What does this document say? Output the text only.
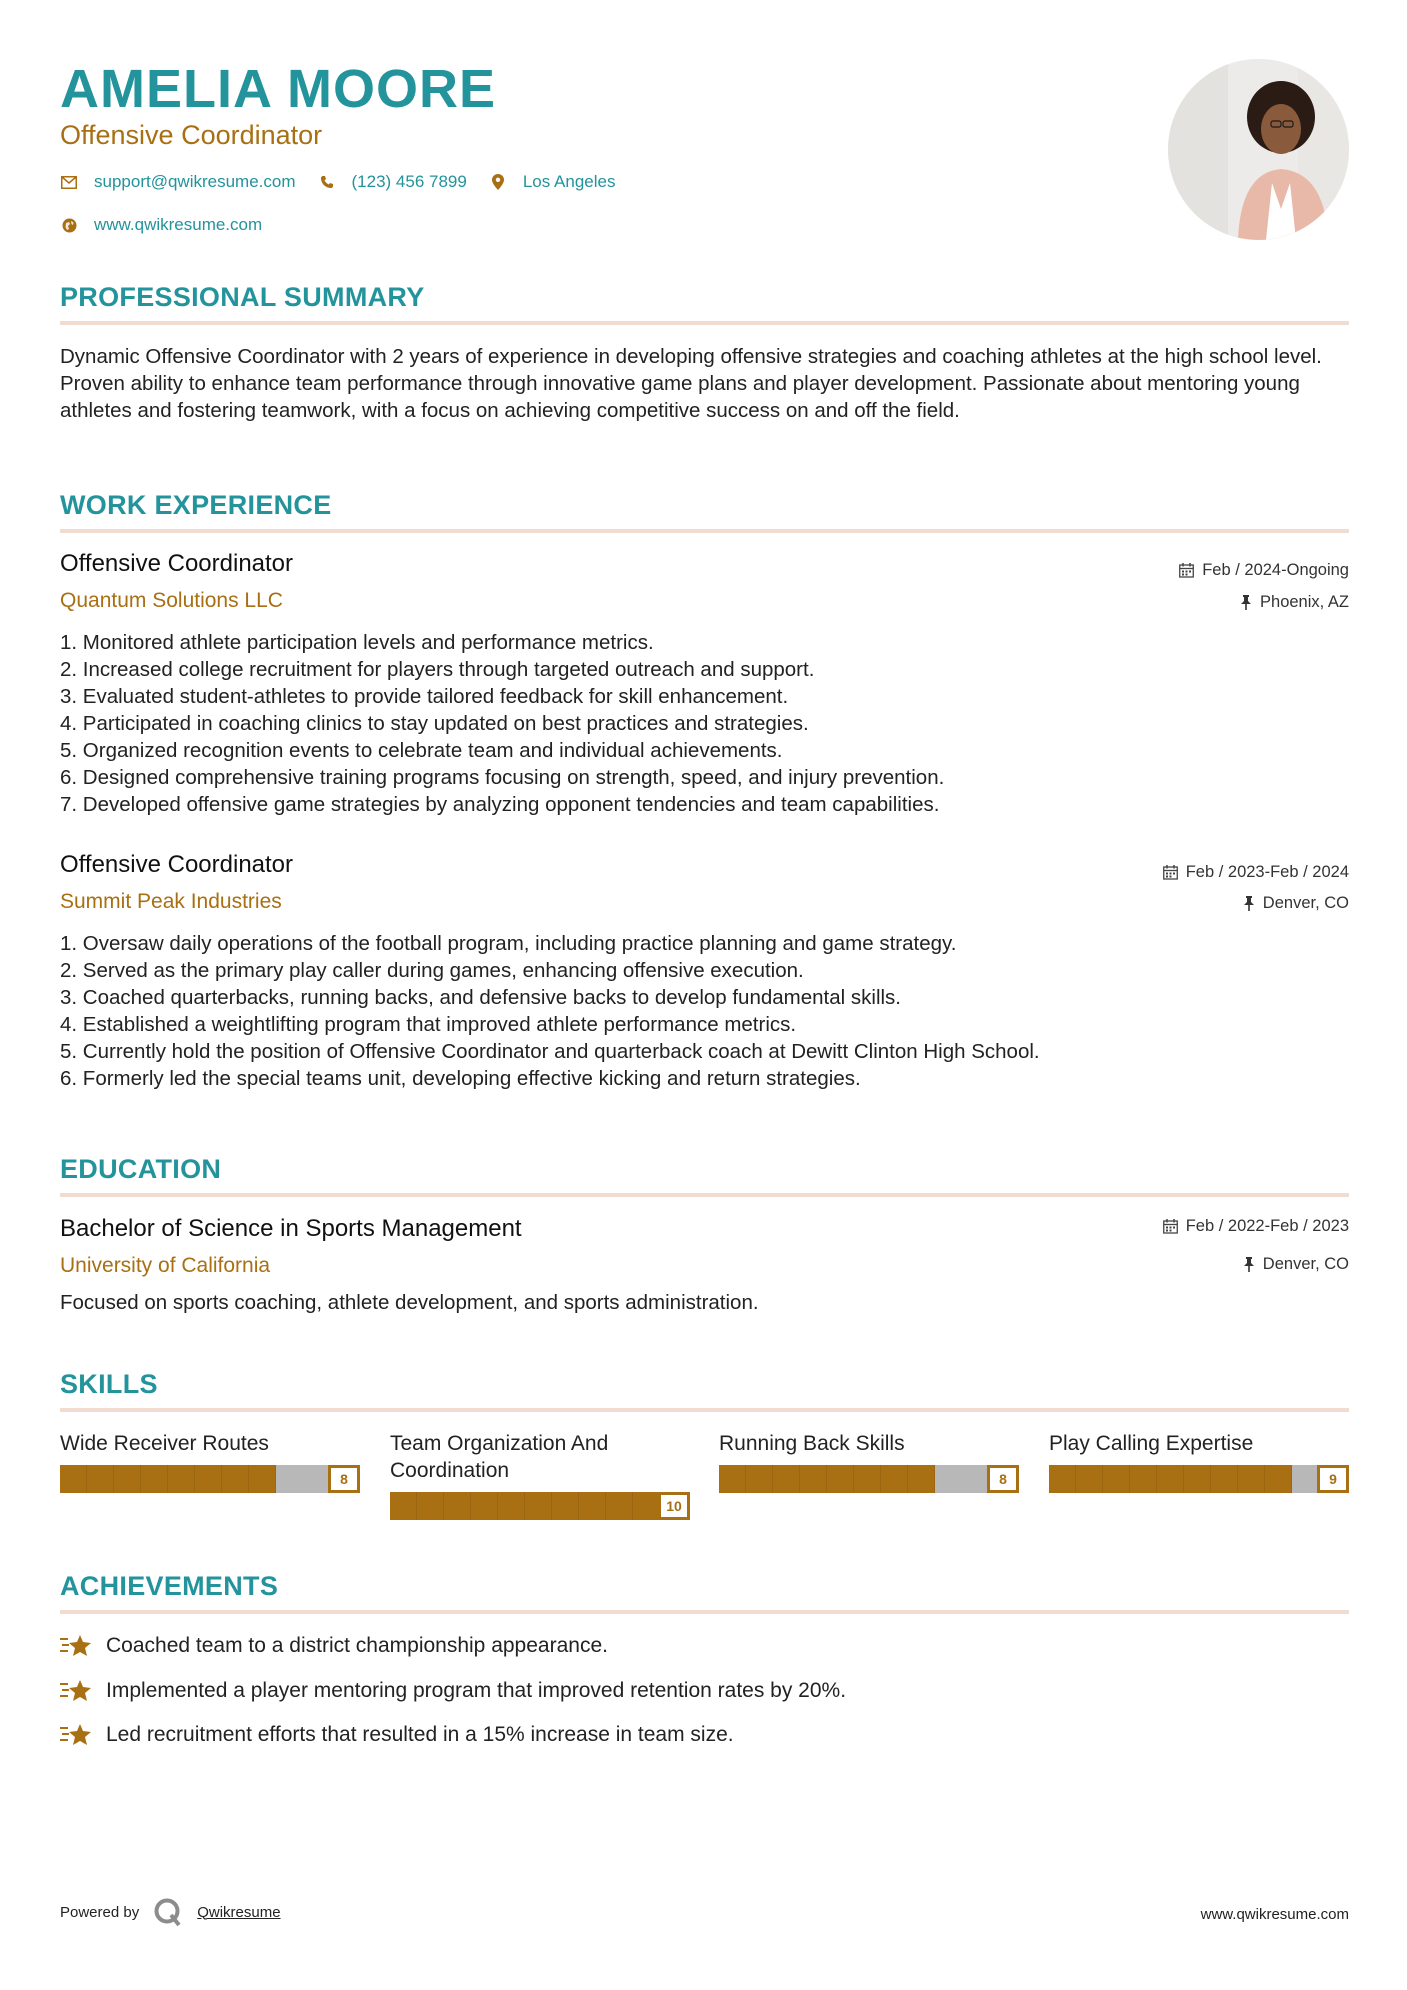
AMELIA MOORE
Offensive Coordinator
support@qwikresume.com	(123) 456 7899	Los Angeles
www.qwikresume.com
PROFESSIONAL SUMMARY
Dynamic Offensive Coordinator with 2 years of experience in developing offensive strategies and coaching athletes at the high school level. Proven ability to enhance team performance through innovative game plans and player development. Passionate about mentoring young athletes and fostering teamwork, with a focus on achieving competitive success on and off the field.
WORK EXPERIENCE
Offensive Coordinator
Quantum Solutions LLC
Feb / 2024-Ongoing
Phoenix, AZ
1. Monitored athlete participation levels and performance metrics.
2. Increased college recruitment for players through targeted outreach and support.
3. Evaluated student-athletes to provide tailored feedback for skill enhancement.
4. Participated in coaching clinics to stay updated on best practices and strategies.
5. Organized recognition events to celebrate team and individual achievements.
6. Designed comprehensive training programs focusing on strength, speed, and injury prevention.
7. Developed offensive game strategies by analyzing opponent tendencies and team capabilities.
Offensive Coordinator
Summit Peak Industries
Feb / 2023-Feb / 2024
Denver, CO
1. Oversaw daily operations of the football program, including practice planning and game strategy.
2. Served as the primary play caller during games, enhancing offensive execution.
3. Coached quarterbacks, running backs, and defensive backs to develop fundamental skills.
4. Established a weightlifting program that improved athlete performance metrics.
5. Currently hold the position of Offensive Coordinator and quarterback coach at Dewitt Clinton High School.
6. Formerly led the special teams unit, developing effective kicking and return strategies.
EDUCATION
Bachelor of Science in Sports Management
University of California
Feb / 2022-Feb / 2023
Denver, CO
Focused on sports coaching, athlete development, and sports administration.
SKILLS
Wide Receiver Routes
8
Team Organization And Coordination
10
Running Back Skills
8
Play Calling Expertise
9
ACHIEVEMENTS
Coached team to a district championship appearance.
Implemented a player mentoring program that improved retention rates by 20%.
Led recruitment efforts that resulted in a 15% increase in team size.
Powered by	Qwikresume	www.qwikresume.com
